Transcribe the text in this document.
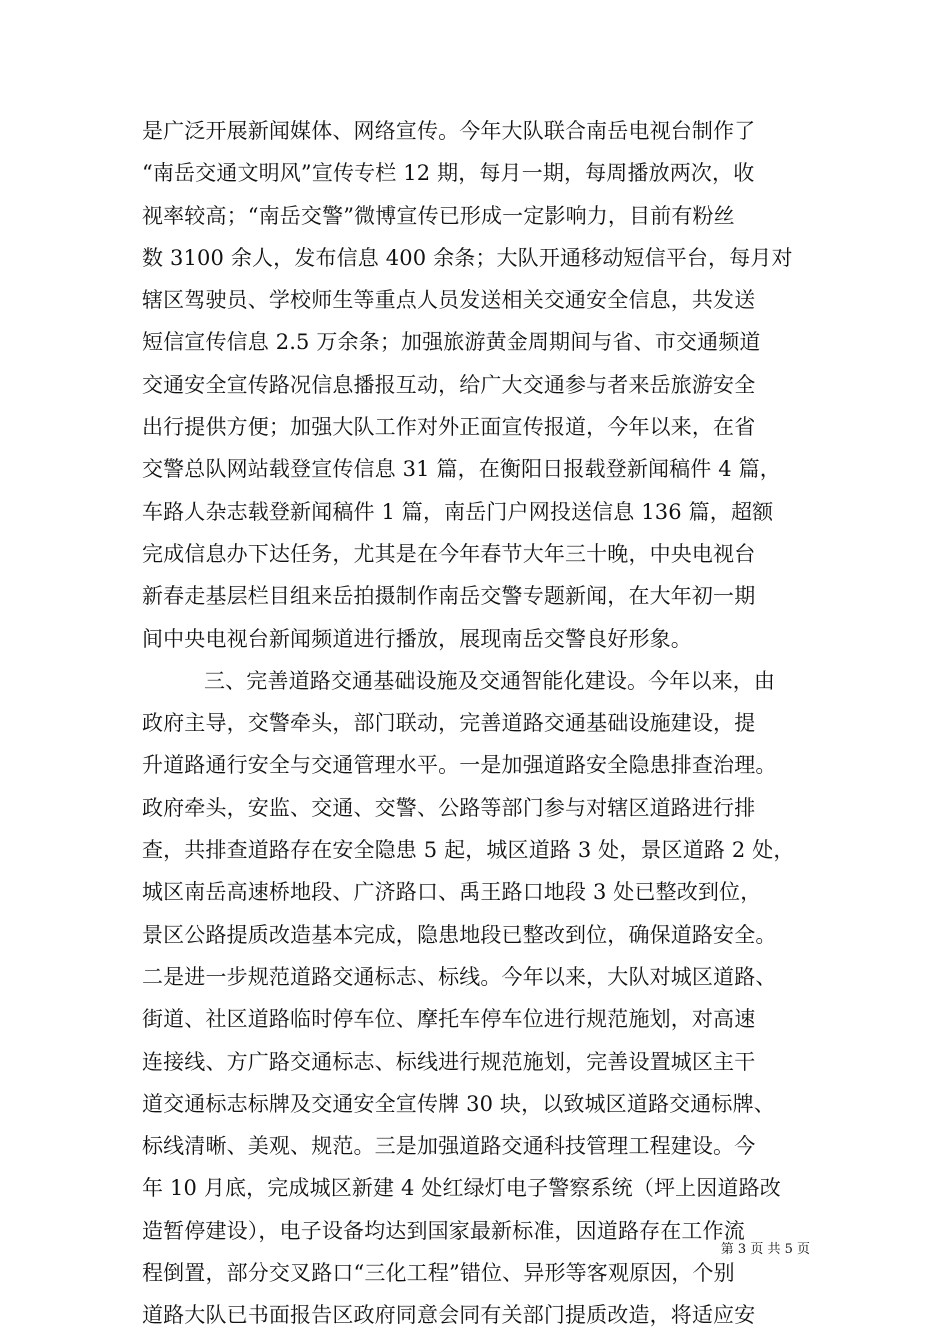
是广泛开展新闻媒体、网络宣传。今年大队联合南岳电视台制作了
“南岳交通文明风”宣传专栏 12 期，每月一期，每周播放两次，收
视率较高；“南岳交警”微博宣传已形成一定影响力，目前有粉丝
数 3100 余人，发布信息 400 余条；大队开通移动短信平台，每月对
辖区驾驶员、学校师生等重点人员发送相关交通安全信息，共发送
短信宣传信息 2.5 万余条；加强旅游黄金周期间与省、市交通频道
交通安全宣传路况信息播报互动，给广大交通参与者来岳旅游安全
出行提供方便；加强大队工作对外正面宣传报道，今年以来，在省
交警总队网站载登宣传信息 31 篇，在衡阳日报载登新闻稿件 4 篇，
车路人杂志载登新闻稿件 1 篇，南岳门户网投送信息 136 篇，超额
完成信息办下达任务，尤其是在今年春节大年三十晚，中央电视台
新春走基层栏目组来岳拍摄制作南岳交警专题新闻，在大年初一期
间中央电视台新闻频道进行播放，展现南岳交警良好形象。
三、完善道路交通基础设施及交通智能化建设。今年以来，由
政府主导，交警牵头，部门联动，完善道路交通基础设施建设，提
升道路通行安全与交通管理水平。一是加强道路安全隐患排查治理。
政府牵头，安监、交通、交警、公路等部门参与对辖区道路进行排
查，共排查道路存在安全隐患 5 起，城区道路 3 处，景区道路 2 处，
城区南岳高速桥地段、广济路口、禹王路口地段 3 处已整改到位，
景区公路提质改造基本完成，隐患地段已整改到位，确保道路安全。
二是进一步规范道路交通标志、标线。今年以来，大队对城区道路、
街道、社区道路临时停车位、摩托车停车位进行规范施划，对高速
连接线、方广路交通标志、标线进行规范施划，完善设置城区主干
道交通标志标牌及交通安全宣传牌 30 块，以致城区道路交通标牌、
标线清晰、美观、规范。三是加强道路交通科技管理工程建设。今
年 10 月底，完成城区新建 4 处红绿灯电子警察系统（坪上因道路改
造暂停建设），电子设备均达到国家最新标准，因道路存在工作流
程倒置，部分交叉路口“三化工程”错位、异形等客观原因，个别
道路大队已书面报告区政府同意会同有关部门提质改造，将适应安
第 3 页 共 5 页
